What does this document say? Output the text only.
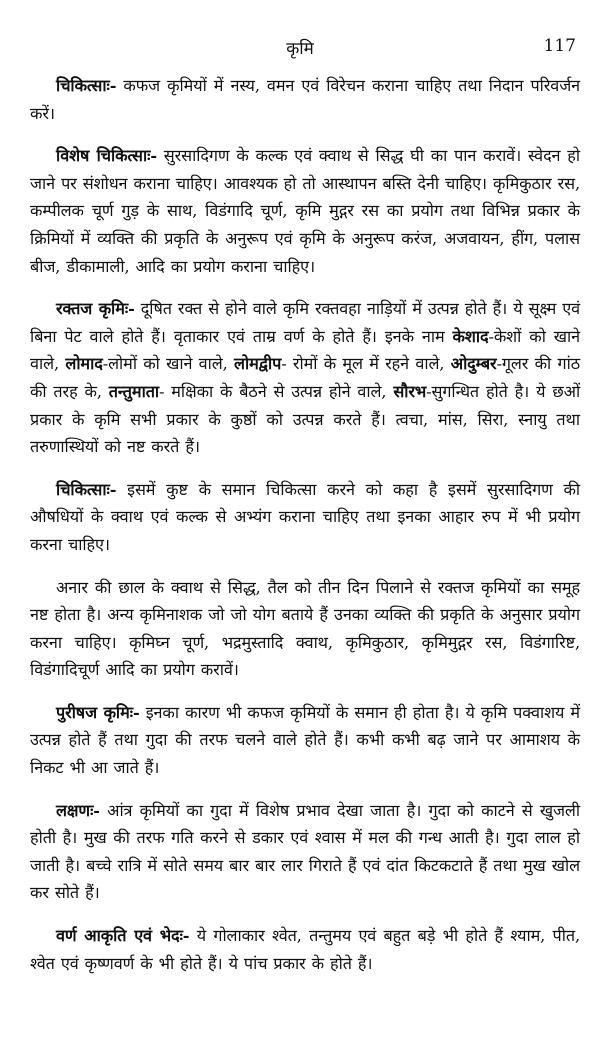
कृमि	117

चिकित्साः- कफज कृमियों में नस्य, वमन एवं विरेचन कराना चाहिए तथा निदान परिवर्जन करें।

विशेष चिकित्साः- सुरसादिगण के कल्क एवं क्वाथ से सिद्ध घी का पान करावें। स्वेदन हो जाने पर संशोधन कराना चाहिए। आवश्यक हो तो आस्थापन बस्ति देनी चाहिए। कृमिकुठार रस, कम्पीलक चूर्ण गुड़ के साथ, विडंगादि चूर्ण, कृमि मुद्गर रस का प्रयोग तथा विभिन्न प्रकार के क्रिमियों में व्यक्ति की प्रकृति के अनुरूप एवं कृमि के अनुरूप करंज, अजवायन, हींग, पलास बीज, डीकामाली, आदि का प्रयोग कराना चाहिए।

रक्तज कृमिः- दूषित रक्त से होने वाले कृमि रक्तवहा नाड़ियों में उत्पन्न होते हैं। ये सूक्ष्म एवं बिना पेट वाले होते हैं। वृताकार एवं ताम्र वर्ण के होते हैं। इनके नाम केशाद-केशों को खाने वाले, लोमाद-लोमों को खाने वाले, लोमद्वीप- रोमों के मूल में रहने वाले, ओदुम्बर-गूलर की गांठ की तरह के, तन्तुमाता- मक्षिका के बैठने से उत्पन्न होने वाले, सौरभ-सुगन्धित होते है। ये छओं प्रकार के कृमि सभी प्रकार के कुष्ठों को उत्पन्न करते हैं। त्वचा, मांस, सिरा, स्नायु तथा तरुणास्थियों को नष्ट करते हैं।

चिकित्साः- इसमें कुष्ट के समान चिकित्सा करने को कहा है इसमें सुरसादिगण की औषधियों के क्वाथ एवं कल्क से अभ्यंग कराना चाहिए तथा इनका आहार रुप में भी प्रयोग करना चाहिए।

अनार की छाल के क्वाथ से सिद्ध, तैल को तीन दिन पिलाने से रक्तज कृमियों का समूह नष्ट होता है। अन्य कृमिनाशक जो जो योग बताये हैं उनका व्यक्ति की प्रकृति के अनुसार प्रयोग करना चाहिए। कृमिघ्न चूर्ण, भद्रमुस्तादि क्वाथ, कृमिकुठार, कृमिमुद्गर रस, विडंगारिष्ट, विडंगादिचूर्ण आदि का प्रयोग करावें।

पुरीषज कृमिः- इनका कारण भी कफज कृमियों के समान ही होता है। ये कृमि पक्वाशय में उत्पन्न होते हैं तथा गुदा की तरफ चलने वाले होते हैं। कभी कभी बढ़ जाने पर आमाशय के निकट भी आ जाते हैं।

लक्षणः- आंत्र कृमियों का गुदा में विशेष प्रभाव देखा जाता है। गुदा को काटने से खुजली होती है। मुख की तरफ गति करने से डकार एवं श्वास में मल की गन्ध आती है। गुदा लाल हो जाती है। बच्चे रात्रि में सोते समय बार बार लार गिराते हैं एवं दांत किटकटाते हैं तथा मुख खोल कर सोते हैं।

वर्ण आकृति एवं भेदः- ये गोलाकार श्वेत, तन्तुमय एवं बहुत बड़े भी होते हैं श्याम, पीत, श्वेत एवं कृष्णवर्ण के भी होते हैं। ये पांच प्रकार के होते हैं।
